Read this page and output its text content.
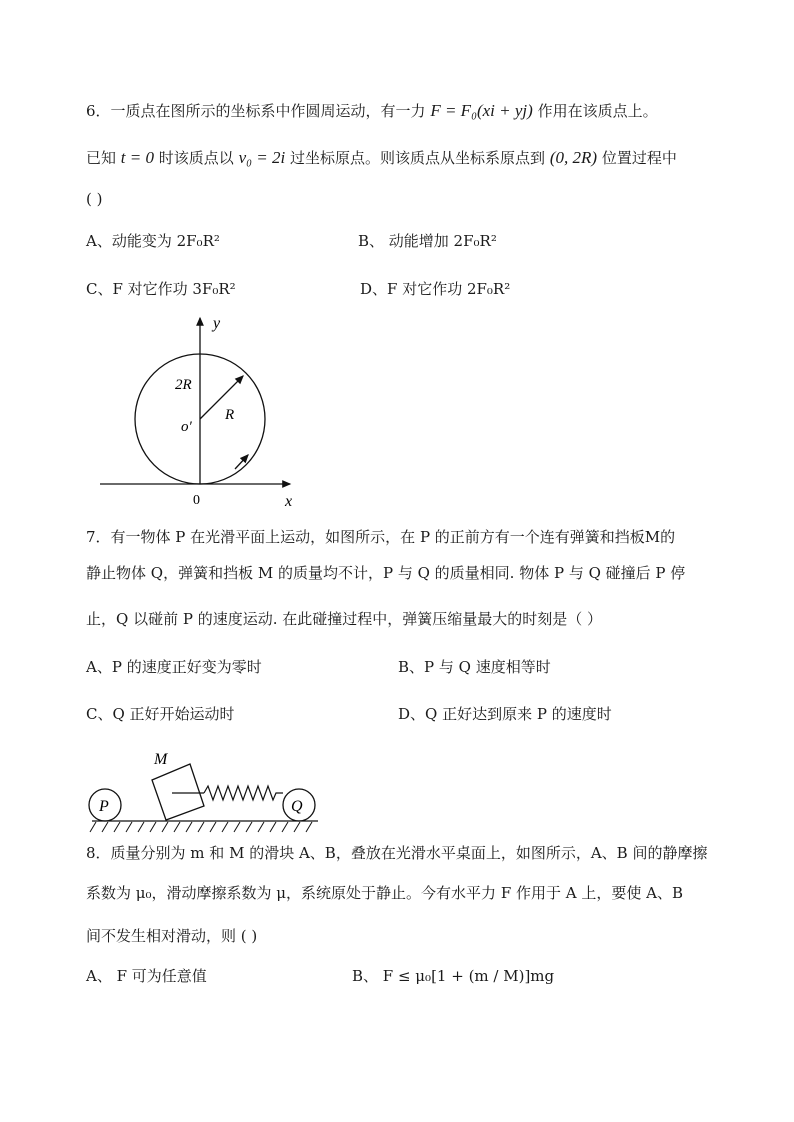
6．一质点在图所示的坐标系中作圆周运动，有一力 F = F₀(xi + yj) 作用在该质点上。
已知 t = 0 时该质点以 v₀ = 2i 过坐标原点。则该质点从坐标系原点到 (0, 2R) 位置过程中
( )
A、动能变为 2F₀R²	B、 动能增加 2F₀R²
C、F 对它作功 3F₀R²	D、F 对它作功 2F₀R²
y
x
2R
R
o′
0
7．有一物体 P 在光滑平面上运动，如图所示，在 P 的正前方有一个连有弹簧和挡板M的
静止物体 Q，弹簧和挡板 M 的质量均不计，P 与 Q 的质量相同. 物体 P 与 Q 碰撞后 P 停
止，Q 以碰前 P 的速度运动. 在此碰撞过程中，弹簧压缩量最大的时刻是（ ）
A、P 的速度正好变为零时	B、P 与 Q 速度相等时
C、Q 正好开始运动时	D、Q 正好达到原来 P 的速度时
P	Q
M
8．质量分别为 m 和 M 的滑块 A、B，叠放在光滑水平桌面上，如图所示，A、B 间的静摩擦
系数为 μ₀，滑动摩擦系数为 μ，系统原处于静止。今有水平力 F 作用于 A 上，要使 A、B
间不发生相对滑动，则 ( )
A、 F 可为任意值	B、 F ≤ μ₀[1 + (m / M)]mg
